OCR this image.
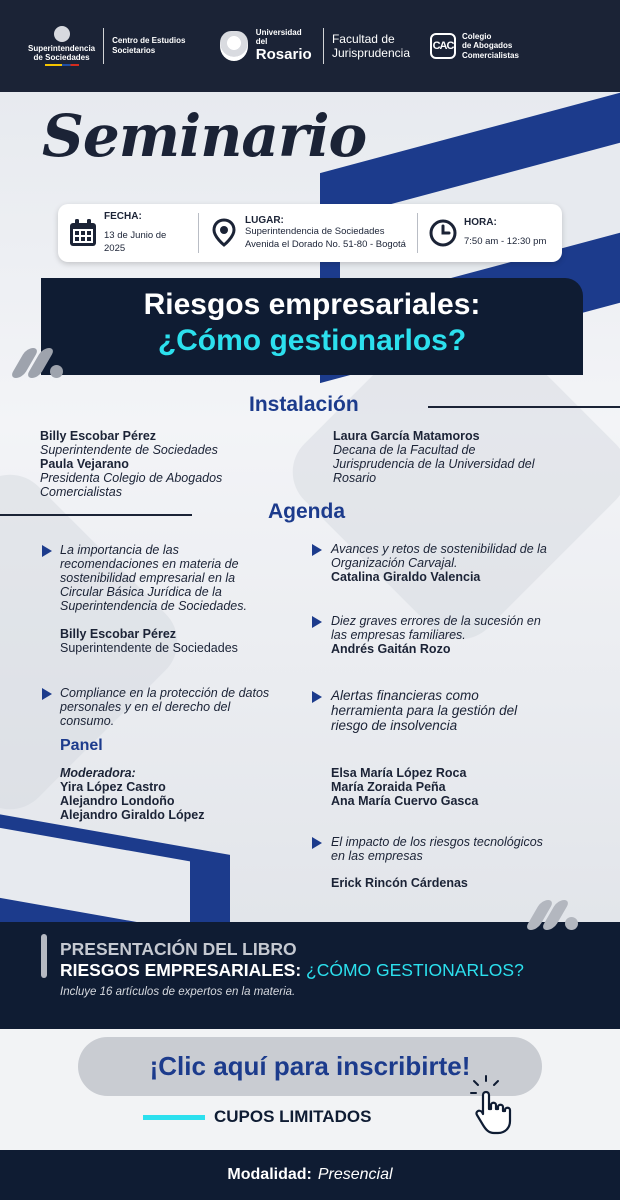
Superintendencia
de Sociedades
Centro de Estudios
Societarios
Universidad del
Rosario
Facultad de
Jurisprudencia CAC
Colegio
de Abogados
Comercialistas
Seminario
FECHA:
13 de Junio de 2025
LUGAR:
Superintendencia de Sociedades
Avenida el Dorado No. 51-80 - Bogotá
HORA:
7:50 am - 12:30 pm
Riesgos empresariales:
¿Cómo gestionarlos?
Instalación
Billy Escobar Pérez
Superintendente de Sociedades
Paula Vejarano
Presidenta Colegio de Abogados
Comercialistas
Laura García Matamoros
Decana de la Facultad de
Jurisprudencia de la Universidad del
Rosario
Agenda
La importancia de las
recomendaciones en materia de
sostenibilidad empresarial en la
Circular Básica Jurídica de la
Superintendencia de Sociedades.
Billy Escobar Pérez
Superintendente de Sociedades
Avances y retos de sostenibilidad de la
Organización Carvajal.
Catalina Giraldo Valencia
Diez graves errores de la sucesión en
las empresas familiares.
Andrés Gaitán Rozo
Compliance en la protección de datos
personales y en el derecho del
consumo.
Alertas financieras como
herramienta para la gestión del
riesgo de insolvencia
Panel
Moderadora:
Yira López Castro
Alejandro Londoño
Alejandro Giraldo López
Elsa María López Roca
María Zoraida Peña
Ana María Cuervo Gasca
El impacto de los riesgos tecnológicos
en las empresas
Erick Rincón Cárdenas
PRESENTACIÓN DEL LIBRO
RIESGOS EMPRESARIALES: ¿CÓMO GESTIONARLOS?
Incluye 16 artículos de expertos en la materia.
¡Clic aquí para inscribirte!
CUPOS LIMITADOS
Modalidad: Presencial
